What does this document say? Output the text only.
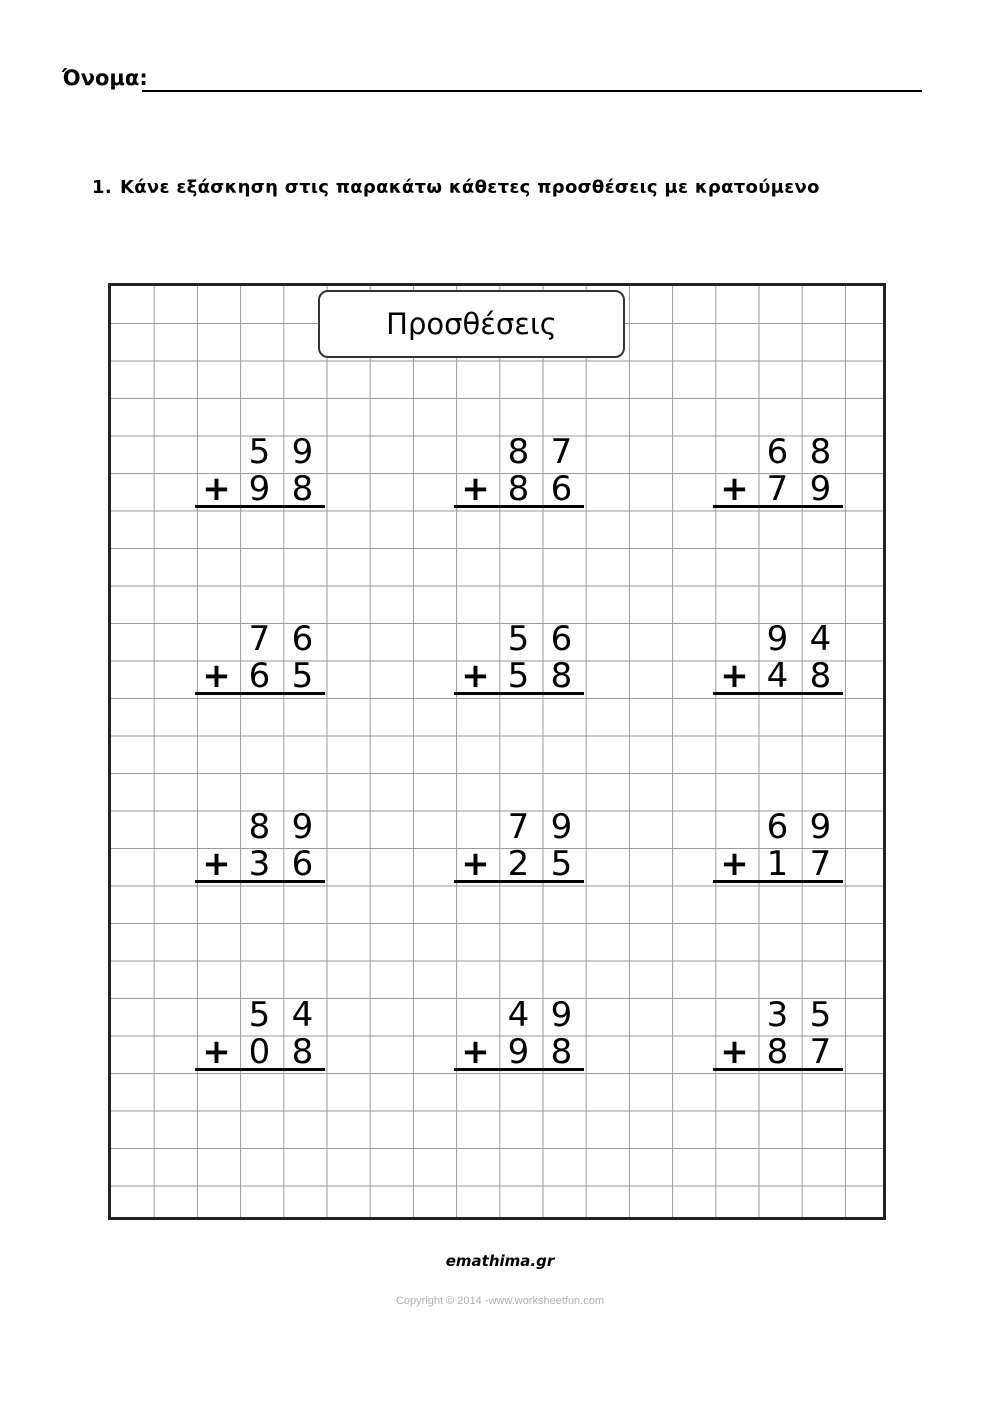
Όνομα:
1. Κάνε εξάσκηση στις παρακάτω κάθετες προσθέσεις με κρατούμενο
Προσθέσεις
5 9
+ 9 8
8 7
+ 8 6
6 8
+ 7 9
7 6
+ 6 5
5 6
+ 5 8
9 4
+ 4 8
8 9
+ 3 6
7 9
+ 2 5
6 9
+ 1 7
5 4
+ 0 8
4 9
+ 9 8
3 5
+ 8 7
emathima.gr
Copyright © 2014 -www.worksheetfun.com
